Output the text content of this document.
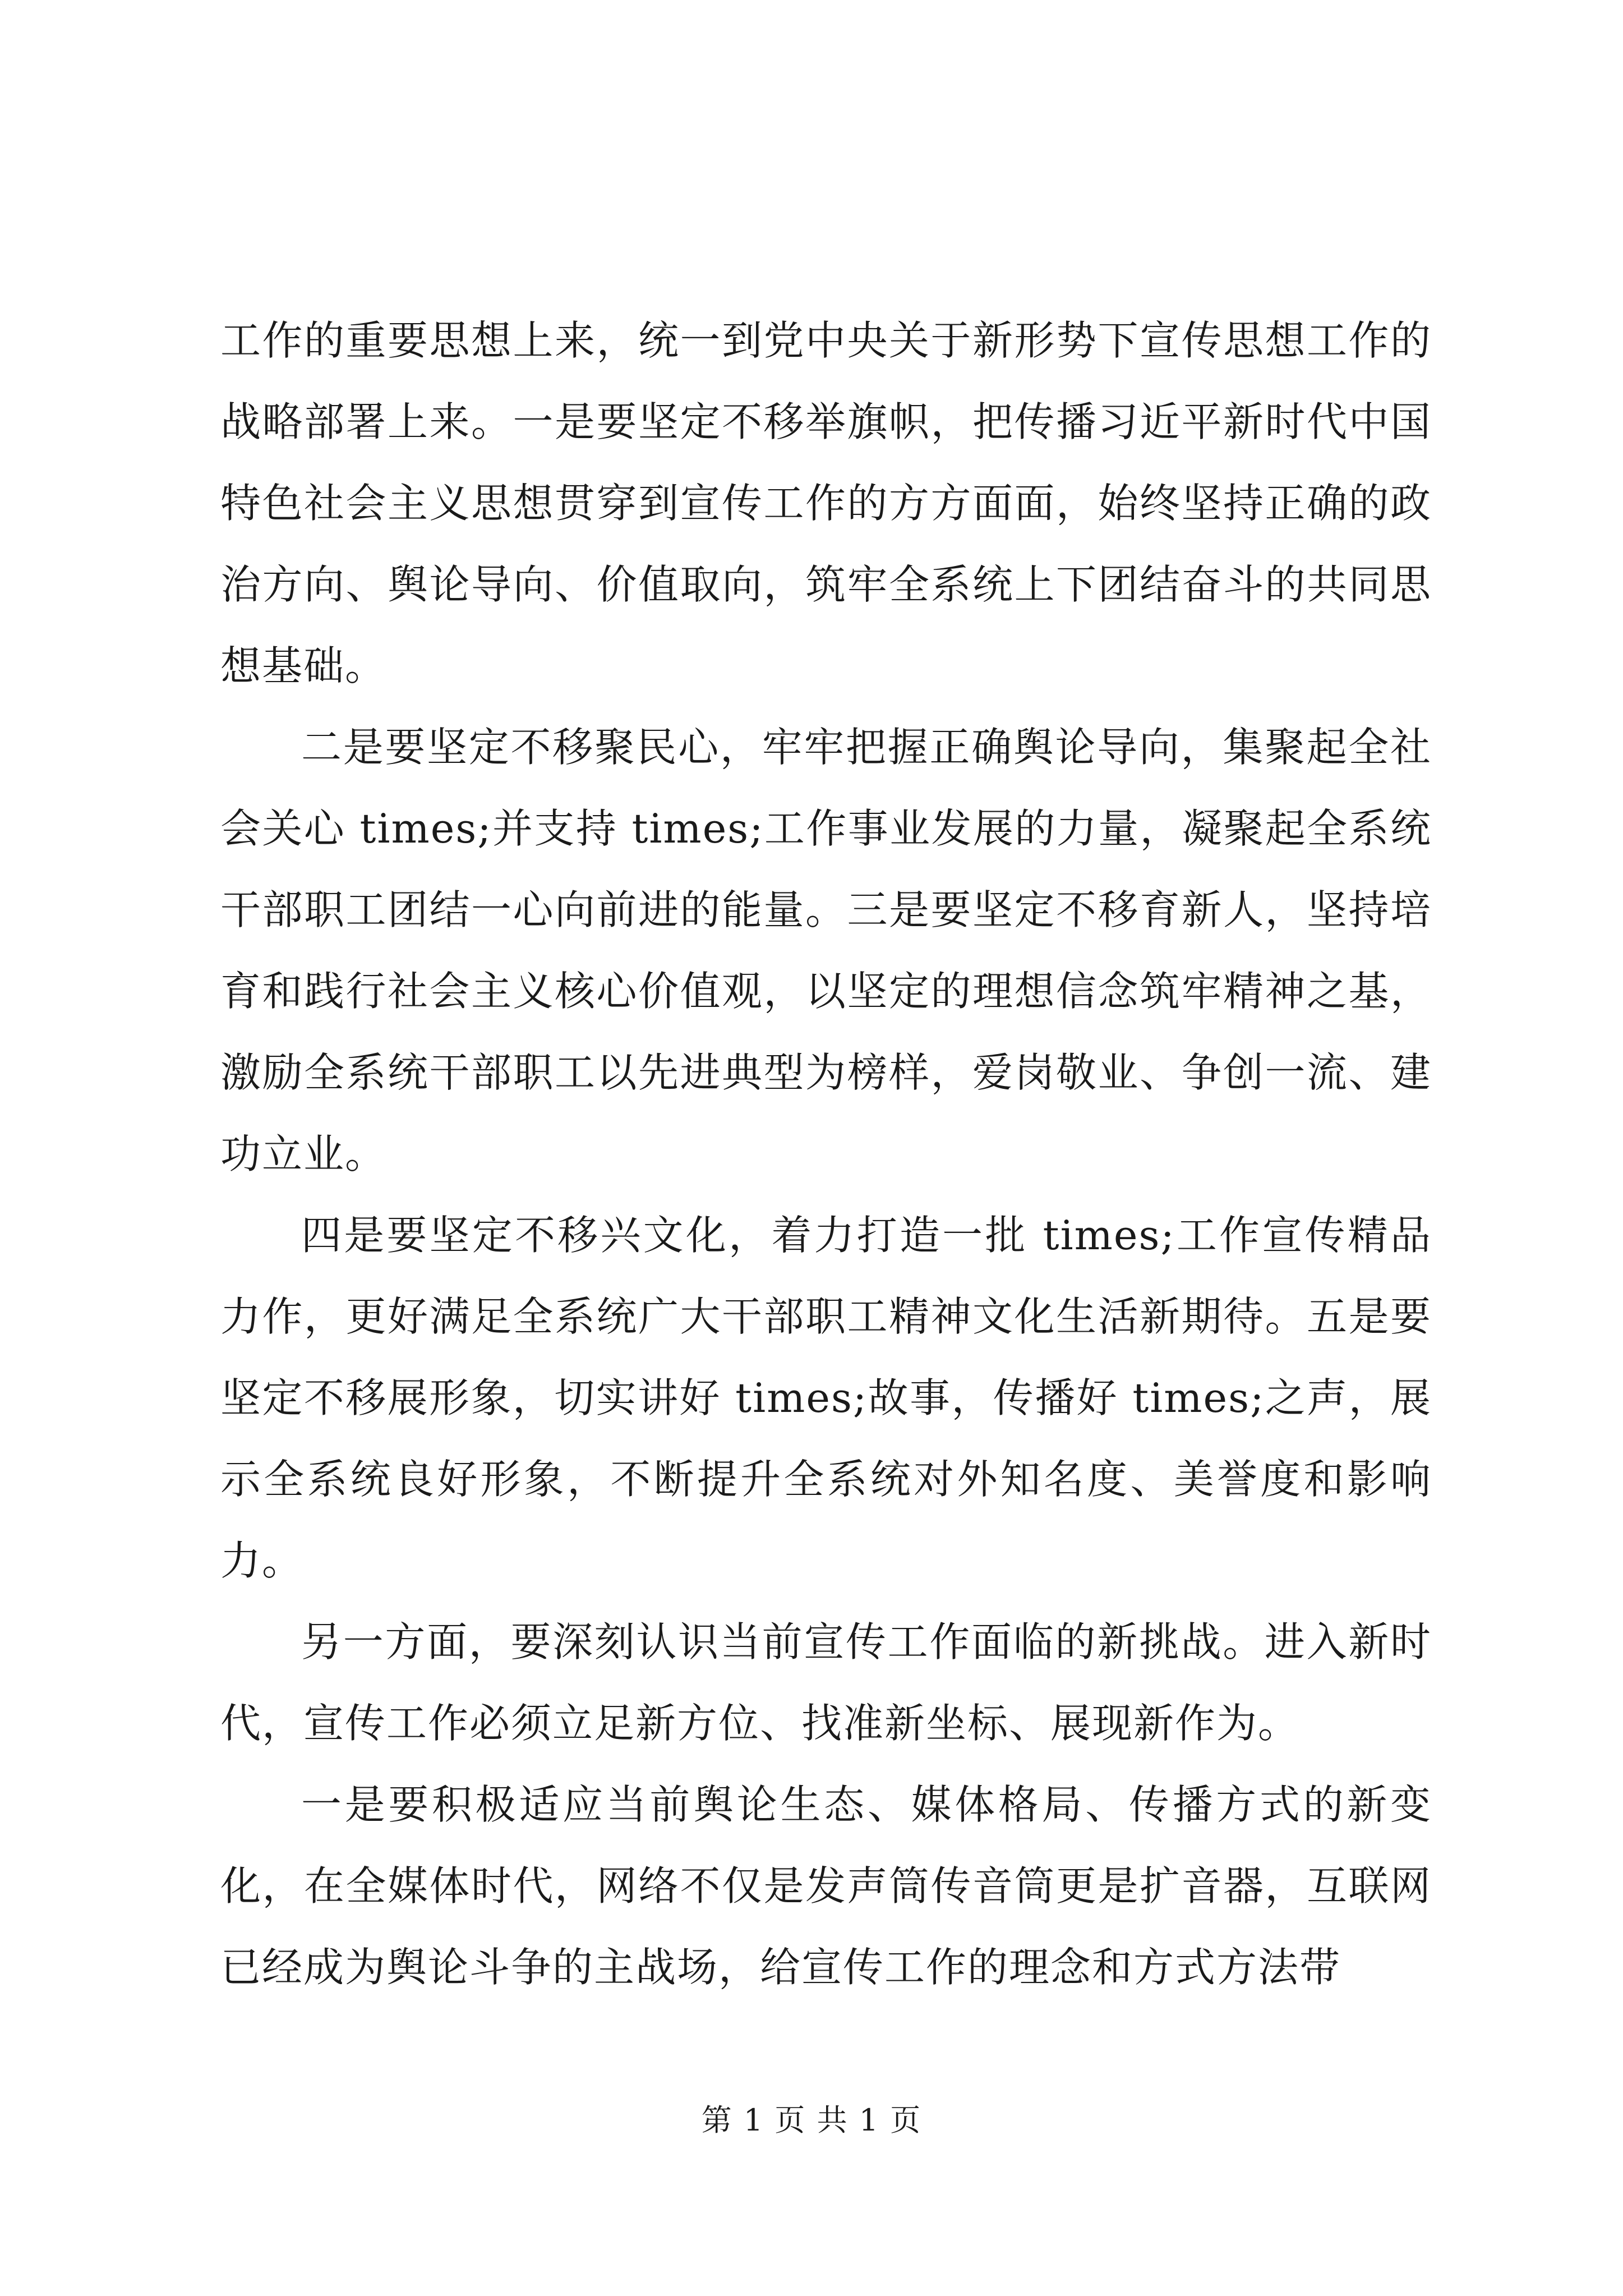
工作的重要思想上来，统一到党中央关于新形势下宣传思想工作的战略部署上来。一是要坚定不移举旗帜，把传播习近平新时代中国特色社会主义思想贯穿到宣传工作的方方面面，始终坚持正确的政治方向、舆论导向、价值取向，筑牢全系统上下团结奋斗的共同思想基础。

二是要坚定不移聚民心，牢牢把握正确舆论导向，集聚起全社会关心 times;并支持 times;工作事业发展的力量，凝聚起全系统干部职工团结一心向前进的能量。三是要坚定不移育新人，坚持培育和践行社会主义核心价值观，以坚定的理想信念筑牢精神之基，激励全系统干部职工以先进典型为榜样，爱岗敬业、争创一流、建功立业。

四是要坚定不移兴文化，着力打造一批 times;工作宣传精品力作，更好满足全系统广大干部职工精神文化生活新期待。五是要坚定不移展形象，切实讲好 times;故事，传播好 times;之声，展示全系统良好形象，不断提升全系统对外知名度、美誉度和影响力。

另一方面，要深刻认识当前宣传工作面临的新挑战。进入新时代，宣传工作必须立足新方位、找准新坐标、展现新作为。

一是要积极适应当前舆论生态、媒体格局、传播方式的新变化，在全媒体时代，网络不仅是发声筒传音筒更是扩音器，互联网已经成为舆论斗争的主战场，给宣传工作的理念和方式方法带

第 1 页 共 1 页
